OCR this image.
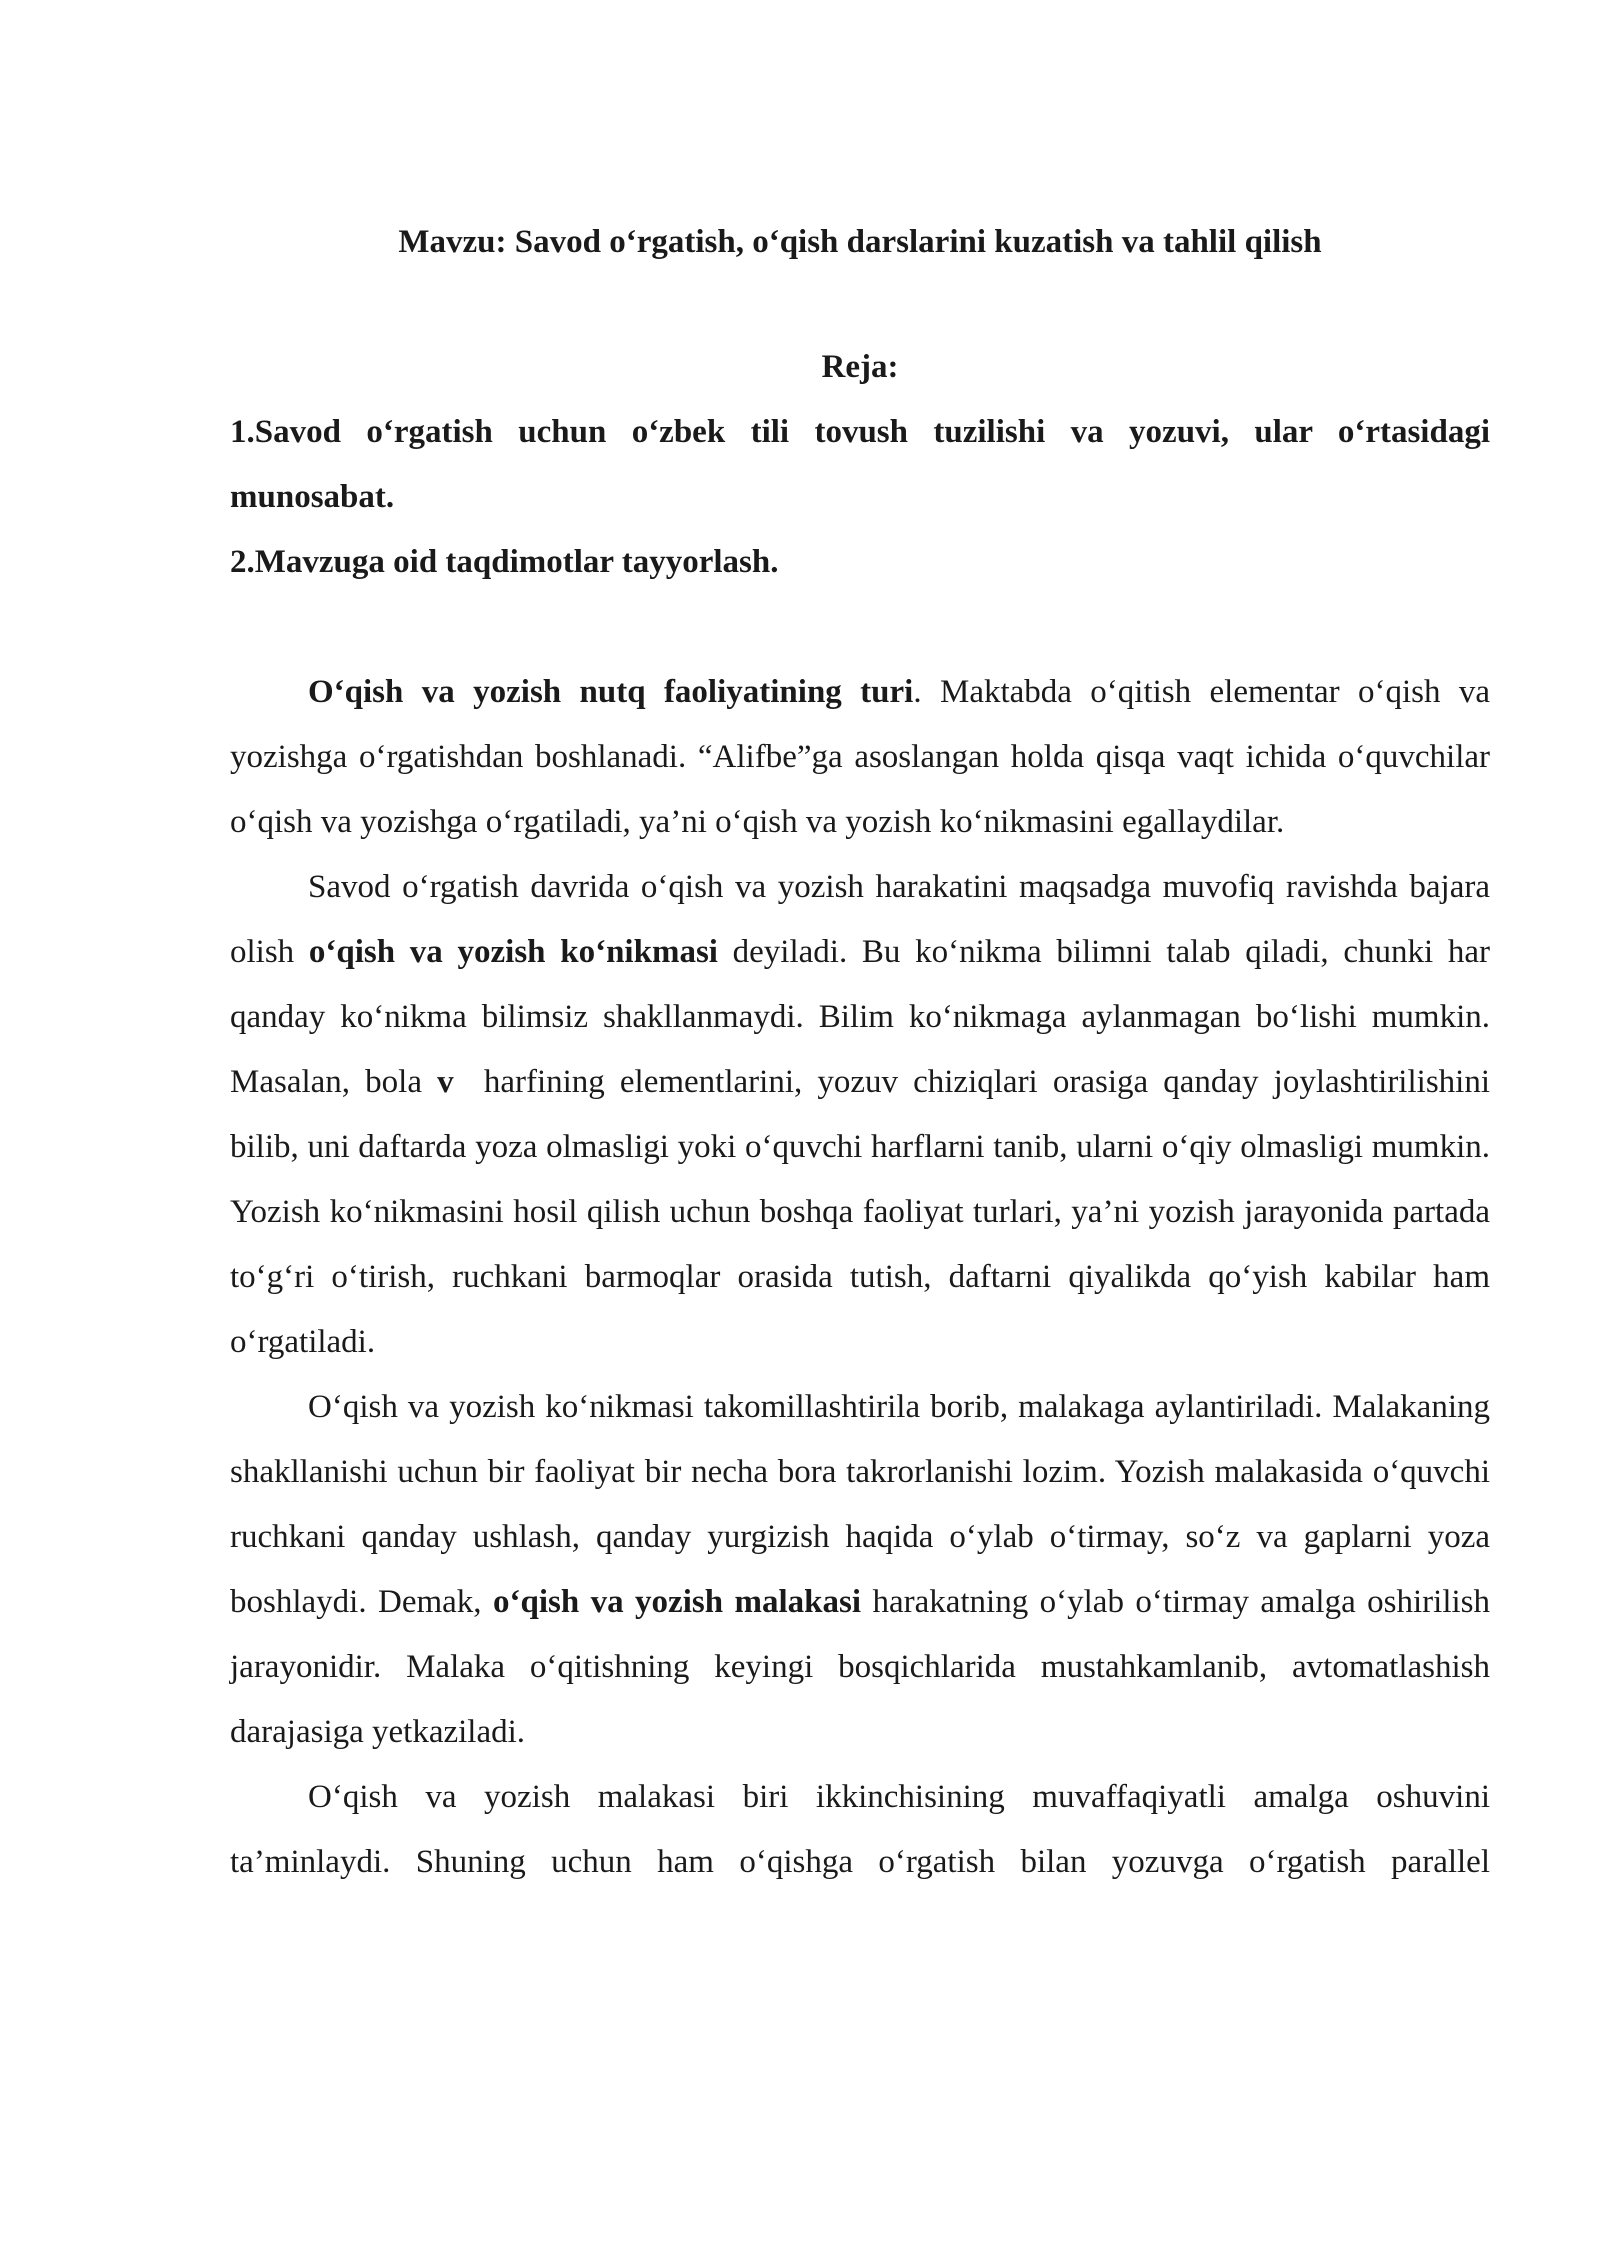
Mavzu: Savod o‘rgatish, o‘qish darslarini kuzatish va tahlil qilish

Reja:

1.Savod o‘rgatish uchun o‘zbek tili tovush tuzilishi va yozuvi, ular o‘rtasidagi munosabat.

2.Mavzuga oid taqdimotlar tayyorlash.

O‘qish va yozish nutq faoliyatining turi. Maktabda o‘qitish elementar o‘qish va yozishga o‘rgatishdan boshlanadi. “Alifbe”ga asoslangan holda qisqa vaqt ichida o‘quvchilar o‘qish va yozishga o‘rgatiladi, ya’ni o‘qish va yozish ko‘nikmasini egallaydilar.

Savod o‘rgatish davrida o‘qish va yozish harakatini maqsadga muvofiq ravishda bajara olish o‘qish va yozish ko‘nikmasi deyiladi. Bu ko‘nikma bilimni talab qiladi, chunki har qanday ko‘nikma bilimsiz shakllanmaydi. Bilim ko‘nikmaga aylanmagan bo‘lishi mumkin. Masalan, bola v  harfining elementlarini, yozuv chiziqlari orasiga qanday joylashtirilishini bilib, uni daftarda yoza olmasligi yoki o‘quvchi harflarni tanib, ularni o‘qiy olmasligi mumkin. Yozish ko‘nikmasini hosil qilish uchun boshqa faoliyat turlari, ya’ni yozish jarayonida partada to‘g‘ri o‘tirish, ruchkani barmoqlar orasida tutish, daftarni qiyalikda qo‘yish kabilar ham o‘rgatiladi.

O‘qish va yozish ko‘nikmasi takomillashtirila borib, malakaga aylantiriladi. Malakaning shakllanishi uchun bir faoliyat bir necha bora takrorlanishi lozim. Yozish malakasida o‘quvchi ruchkani qanday ushlash, qanday yurgizish haqida o‘ylab o‘tirmay, so‘z va gaplarni yoza boshlaydi. Demak, o‘qish va yozish malakasi harakatning o‘ylab o‘tirmay amalga oshirilish jarayonidir. Malaka o‘qitishning keyingi bosqichlarida mustahkamlanib, avtomatlashish darajasiga yetkaziladi.

O‘qish va yozish malakasi biri ikkinchisining muvaffaqiyatli amalga oshuvini ta’minlaydi. Shuning uchun ham o‘qishga o‘rgatish bilan yozuvga o‘rgatish parallel
